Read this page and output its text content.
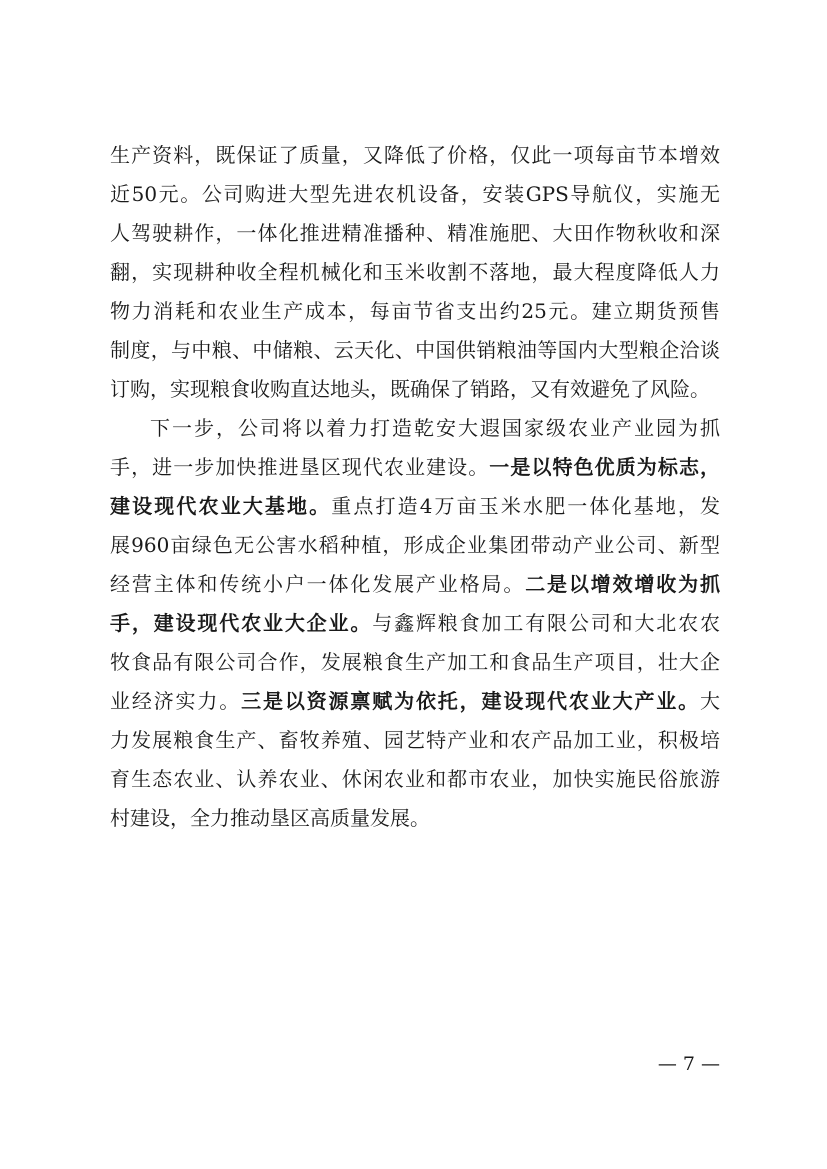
生产资料，既保证了质量，又降低了价格，仅此一项每亩节本增效
近50元。公司购进大型先进农机设备，安装GPS导航仪，实施无
人驾驶耕作，一体化推进精准播种、精准施肥、大田作物秋收和深
翻，实现耕种收全程机械化和玉米收割不落地，最大程度降低人力
物力消耗和农业生产成本，每亩节省支出约25元。建立期货预售
制度，与中粮、中储粮、云天化、中国供销粮油等国内大型粮企洽谈
订购，实现粮食收购直达地头，既确保了销路，又有效避免了风险。
下一步，公司将以着力打造乾安大遐国家级农业产业园为抓
手，进一步加快推进垦区现代农业建设。一是以特色优质为标志，
建设现代农业大基地。重点打造4万亩玉米水肥一体化基地，发
展960亩绿色无公害水稻种植，形成企业集团带动产业公司、新型
经营主体和传统小户一体化发展产业格局。二是以增效增收为抓
手，建设现代农业大企业。与鑫辉粮食加工有限公司和大北农农
牧食品有限公司合作，发展粮食生产加工和食品生产项目，壮大企
业经济实力。三是以资源禀赋为依托，建设现代农业大产业。大
力发展粮食生产、畜牧养殖、园艺特产业和农产品加工业，积极培
育生态农业、认养农业、休闲农业和都市农业，加快实施民俗旅游
村建设，全力推动垦区高质量发展。
— 7 —
